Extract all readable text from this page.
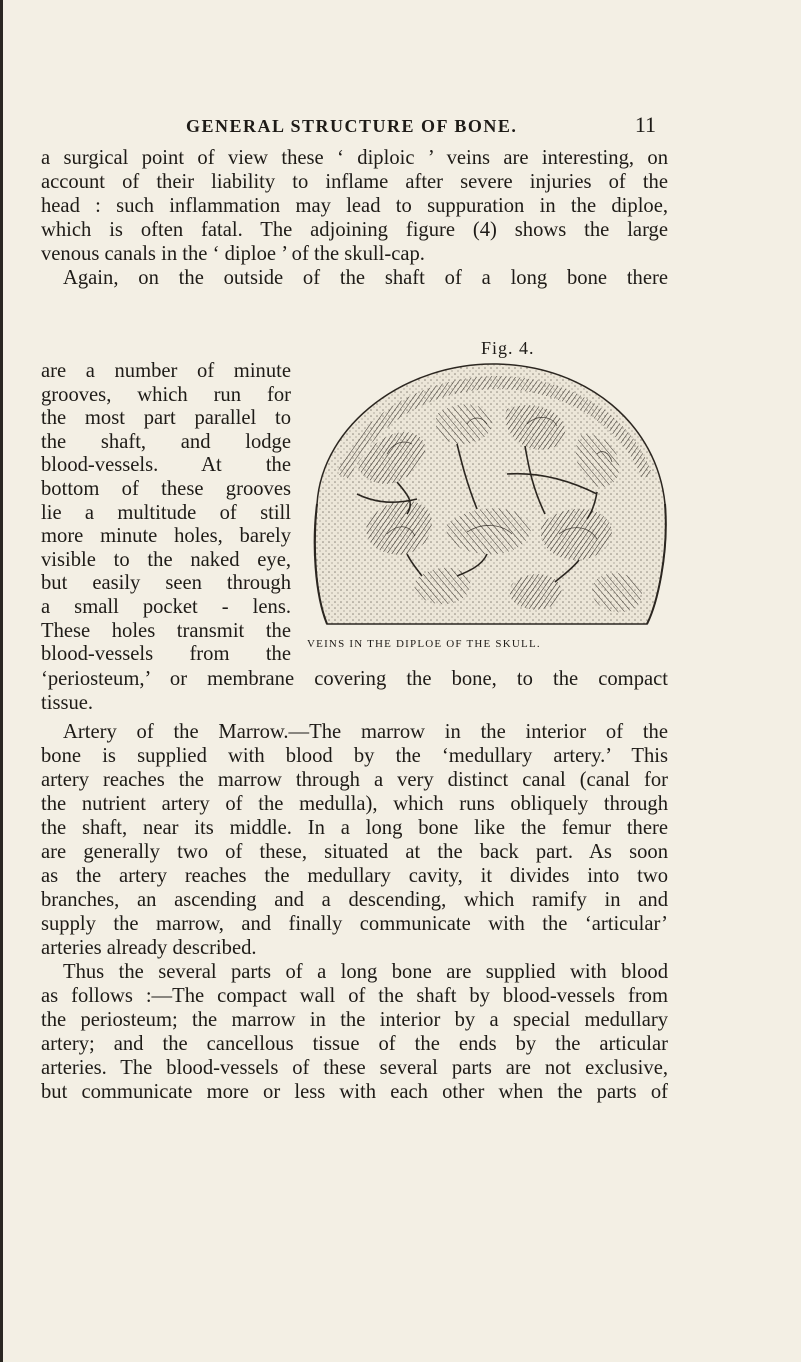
GENERAL STRUCTURE OF BONE.	11
a surgical point of view these ‘ diploic ’ veins are interesting, on
account of their liability to inflame after severe injuries of the
head : such inflammation may lead to suppuration in the diploe,
which is often fatal. The adjoining figure (4) shows the large
venous canals in the ‘ diploe ’ of the skull-cap.
Again, on the outside of the shaft of a long bone there
are a number of minute
grooves, which run for
the most part parallel to
the shaft, and lodge
blood-vessels. At the
bottom of these grooves
lie a multitude of still
more minute holes, barely
visible to the naked eye,
but easily seen through
a small pocket - lens.
These holes transmit the
blood-vessels from the
Fig. 4.
VEINS IN THE DIPLOE OF THE SKULL.
‘periosteum,’ or membrane covering the bone, to the compact
tissue.
Artery of the Marrow.—The marrow in the interior of the
bone is supplied with blood by the ‘medullary artery.’ This
artery reaches the marrow through a very distinct canal (canal for
the nutrient artery of the medulla), which runs obliquely through
the shaft, near its middle. In a long bone like the femur there
are generally two of these, situated at the back part. As soon
as the artery reaches the medullary cavity, it divides into two
branches, an ascending and a descending, which ramify in and
supply the marrow, and finally communicate with the ‘articular’
arteries already described.
Thus the several parts of a long bone are supplied with blood
as follows :—The compact wall of the shaft by blood-vessels from
the periosteum; the marrow in the interior by a special medullary
artery; and the cancellous tissue of the ends by the articular
arteries. The blood-vessels of these several parts are not exclusive,
but communicate more or less with each other when the parts of
